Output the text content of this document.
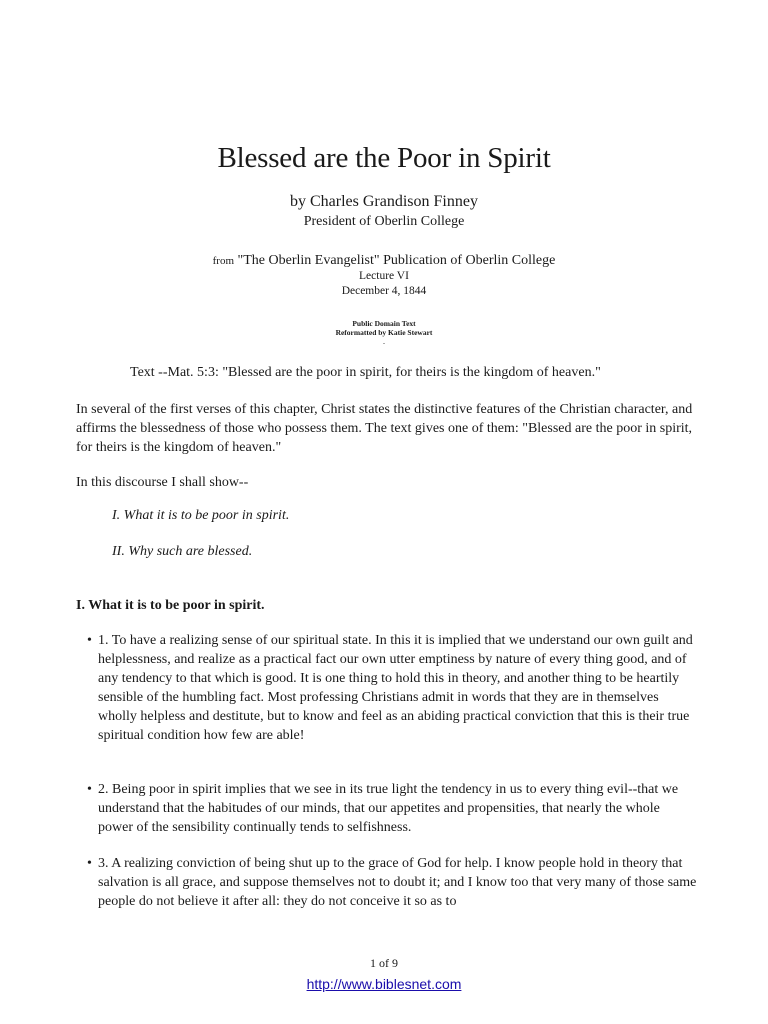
Blessed are the Poor in Spirit
by Charles Grandison Finney
President of Oberlin College
from "The Oberlin Evangelist" Publication of Oberlin College
Lecture VI
December 4, 1844
Public Domain Text
Reformatted by Katie Stewart
.
Text --Mat. 5:3: "Blessed are the poor in spirit, for theirs is the kingdom of heaven."
In several of the first verses of this chapter, Christ states the distinctive features of the Christian character, and affirms the blessedness of those who possess them. The text gives one of them: "Blessed are the poor in spirit, for theirs is the kingdom of heaven."
In this discourse I shall show--
I. What it is to be poor in spirit.
II. Why such are blessed.
I. What it is to be poor in spirit.
• 1. To have a realizing sense of our spiritual state. In this it is implied that we understand our own guilt and helplessness, and realize as a practical fact our own utter emptiness by nature of every thing good, and of any tendency to that which is good. It is one thing to hold this in theory, and another thing to be heartily sensible of the humbling fact. Most professing Christians admit in words that they are in themselves wholly helpless and destitute, but to know and feel as an abiding practical conviction that this is their true spiritual condition how few are able!
• 2. Being poor in spirit implies that we see in its true light the tendency in us to every thing evil--that we understand that the habitudes of our minds, that our appetites and propensities, that nearly the whole power of the sensibility continually tends to selfishness.
• 3. A realizing conviction of being shut up to the grace of God for help. I know people hold in theory that salvation is all grace, and suppose themselves not to doubt it; and I know too that very many of those same people do not believe it after all: they do not conceive it so as to
1 of 9
http://www.biblesnet.com
